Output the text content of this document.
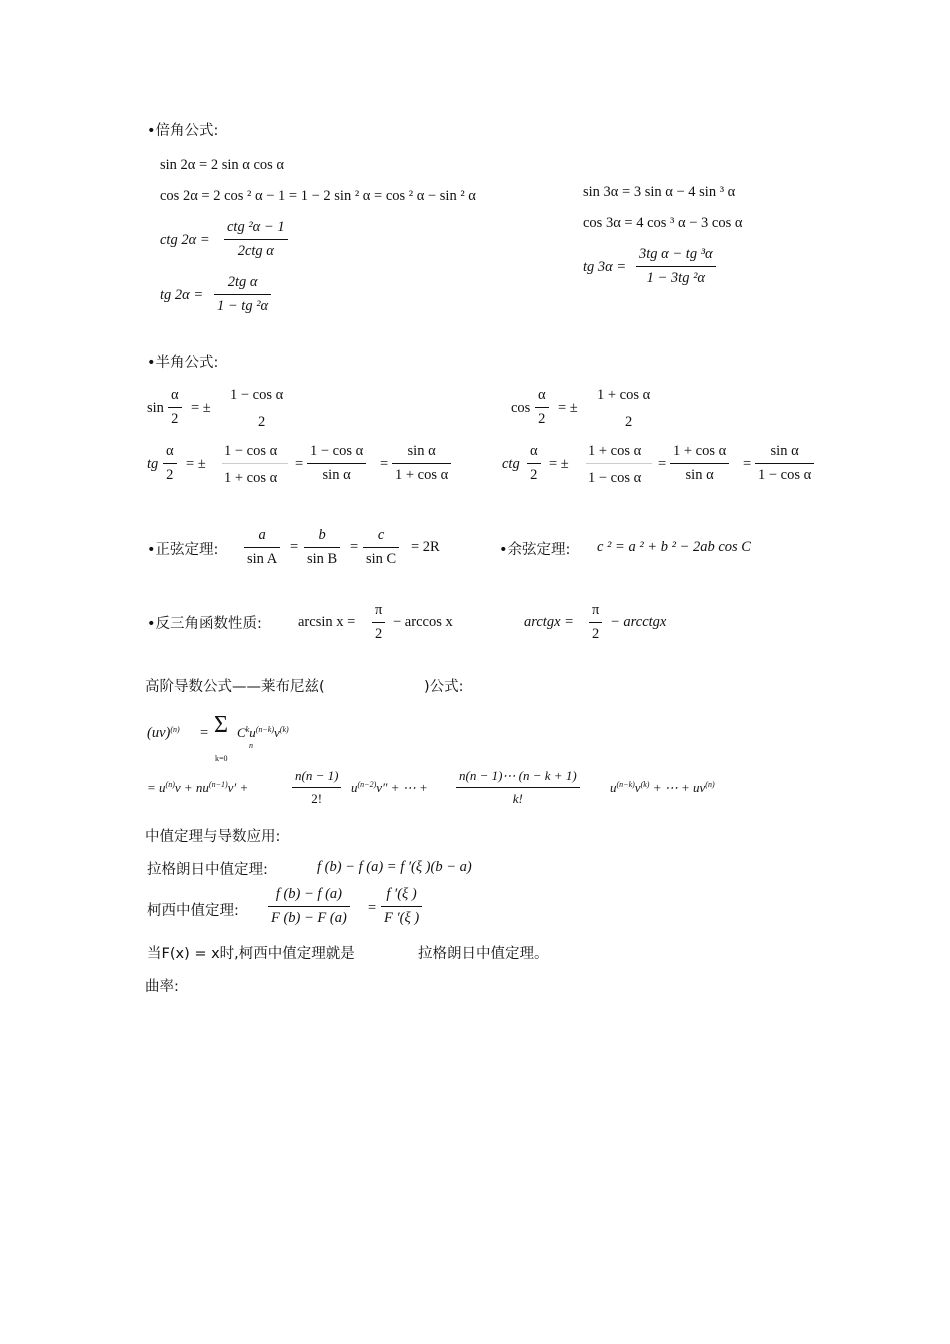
•倍角公式:
sin 2α = 2 sin α cos α
cos 2α = 2 cos ² α − 1 = 1 − 2 sin ² α = cos ² α − sin ² α
ctg 2α =
ctg ²α − 1
2ctg α
tg 2α =
2tg α
1 − tg ²α
sin 3α = 3 sin α − 4 sin ³ α
cos 3α = 4 cos ³ α − 3 cos α
tg 3α =
3tg α − tg ³α
1 − 3tg ²α
•半角公式:
sin
α
2
= ±
1 − cos α
2
cos
α
2
= ±
1 + cos α
2
tg
α
2
= ±
1 − cos α
1 + cos α
=
1 − cos α
sin α
=
sin α
1 + cos α
ctg
α
2
= ±
1 + cos α
1 − cos α
=
1 + cos α
sin α
=
sin α
1 − cos α
•正弦定理:
a
sin A
=
b
sin B
=
c
sin C
= 2R	•余弦定理: c ² = a ² + b ² − 2ab cos C
•反三角函数性质: arcsin x =
π
2
− arccos x	arctgx =
π
2
− arcctgx
高阶导数公式——莱布尼兹(	)公式:
(uv)$^{(n)}$ = Σ
k=0
$C^ku^{(n-k)}v^{(k)}$
n
= $u^{(n)}v + nu^{(n-1)}v'$ +
n(n − 1)
2!
$u^{(n-2)}v''$ + ⋯ +
n(n − 1)⋯ (n − k + 1)
k!
$u^{(n-k)}v^{(k)}$ + ⋯ + $uv^{(n)}$
中值定理与导数应用:
拉格朗日中值定理:	f (b) − f (a) = f ′(ξ )(b − a)
柯西中值定理:
f (b) − f (a)
F (b) − F (a)
=
f ′(ξ )
F ′(ξ )
当F(x) = x时,柯西中值定理就是	拉格朗日中值定理。
曲率:
